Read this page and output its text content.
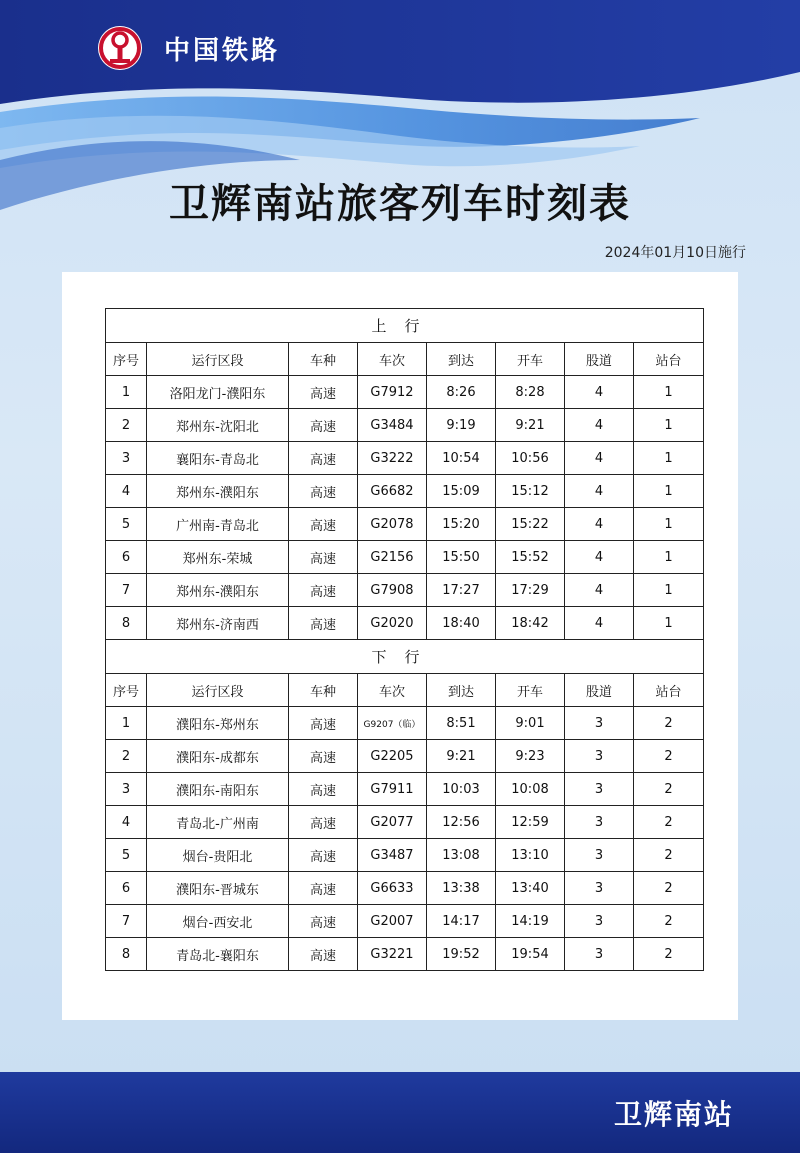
中国铁路
卫辉南站旅客列车时刻表
2024年01月10日施行
上行							
序号	运行区段	车种	车次	到达	开车	股道	站台
1	洛阳龙门-濮阳东	高速	G7912	8:26	8:28	4	1
2	郑州东-沈阳北	高速	G3484	9:19	9:21	4	1
3	襄阳东-青岛北	高速	G3222	10:54	10:56	4	1
4	郑州东-濮阳东	高速	G6682	15:09	15:12	4	1
5	广州南-青岛北	高速	G2078	15:20	15:22	4	1
6	郑州东-荣城	高速	G2156	15:50	15:52	4	1
7	郑州东-濮阳东	高速	G7908	17:27	17:29	4	1
8	郑州东-济南西	高速	G2020	18:40	18:42	4	1
下行							
序号	运行区段	车种	车次	到达	开车	股道	站台
1	濮阳东-郑州东	高速	G9207（临）	8:51	9:01	3	2
2	濮阳东-成都东	高速	G2205	9:21	9:23	3	2
3	濮阳东-南阳东	高速	G7911	10:03	10:08	3	2
4	青岛北-广州南	高速	G2077	12:56	12:59	3	2
5	烟台-贵阳北	高速	G3487	13:08	13:10	3	2
6	濮阳东-晋城东	高速	G6633	13:38	13:40	3	2
7	烟台-西安北	高速	G2007	14:17	14:19	3	2
8	青岛北-襄阳东	高速	G3221	19:52	19:54	3	2
卫辉南站
